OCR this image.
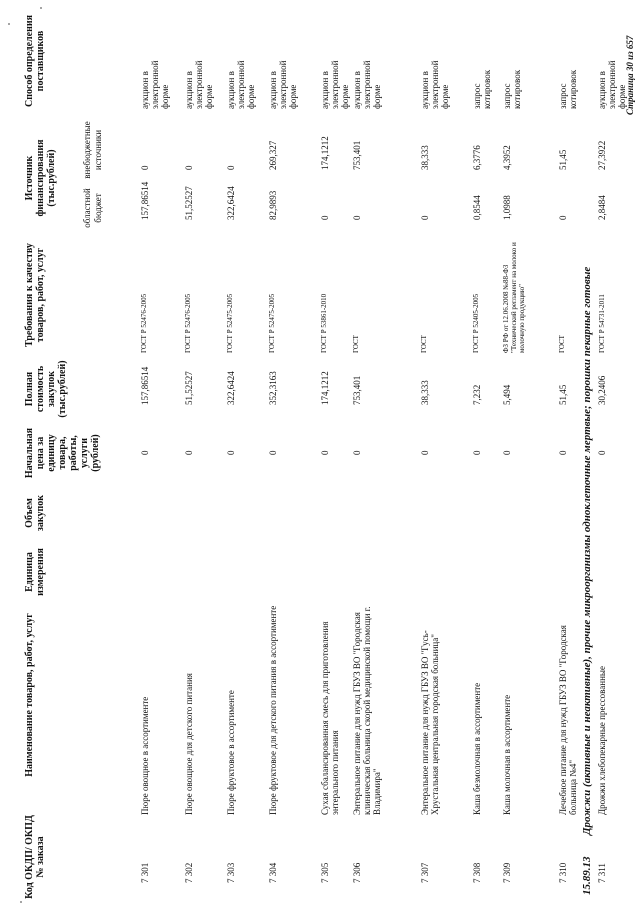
Код ОКДП/ ОКПД № заказа
Наименование товаров, работ, услуг
Единица измерения
Объем закупок
Начальная цена за единицу товара, работы, услуги (рублей)
Полная стоимость закупок (тыс.рублей)
Требования к качеству товаров, работ, услуг
Источник финансирования (тыс.рублей)
областной бюджет
внебюджетные источники
Способ определения поставщиков
7 301
Пюре овощное в ассортименте
0
157,86514
ГОСТ Р 52476-2005
157,86514
0
аукцион в электронной форме
7 302
Пюре овощное для детского питания
0
51,52527
ГОСТ Р 52476-2005
51,52527
0
аукцион в электронной форме
7 303
Пюре фруктовое в ассортименте
0
322,6424
ГОСТ Р 52475-2005
322,6424
0
аукцион в электронной форме
7 304
Пюре фруктовое для детского питания в ассортименте
0
352,3163
ГОСТ Р 52475-2005
82,9893
269,327
аукцион в электронной форме
7 305
Сухая сбалансированная смесь для приготовления энтерального питания
0
174,1212
ГОСТ Р 53861-2010
0
174,1212
аукцион в электронной форме
7 306
Энтеральное питание для нужд ГБУЗ ВО "Городская клиническая больница скорой медицинской помощи г. Владимира"
0
753,401
ГОСТ
0
753,401
аукцион в электронной форме
7 307
Энтеральное питание для нужд ГБУЗ ВО "Гусь-Хрустальная центральная городская больница"
0
38,333
ГОСТ
0
38,333
аукцион в электронной форме
7 308
Каша безмолочная в ассортименте
0
7,232
ГОСТ Р 52405-2005
0,8544
6,3776
запрос котировок
7 309
Каша молочная в ассортименте
0
5,494
ФЗ РФ от 12.06.2008 №88-ФЗ "Технический регламент на молоко и молочную продукцию"
1,0988
4,3952
запрос котировок
7 310
Лечебное питание для нужд ГБУЗ ВО "Городская больница №4"
0
51,45
ГОСТ
0
51,45
запрос котировок
15.89.13
Дрожжи (активные и неактивные), прочие микроорганизмы одноклеточные мертвые; порошки пекарные готовые
7 311
Дрожжи хлебопекарные прессованные
0
30,2406
ГОСТ Р 54731-2011
2,8484
27,3922
аукцион в электронной форме
Страница 30 из 657
